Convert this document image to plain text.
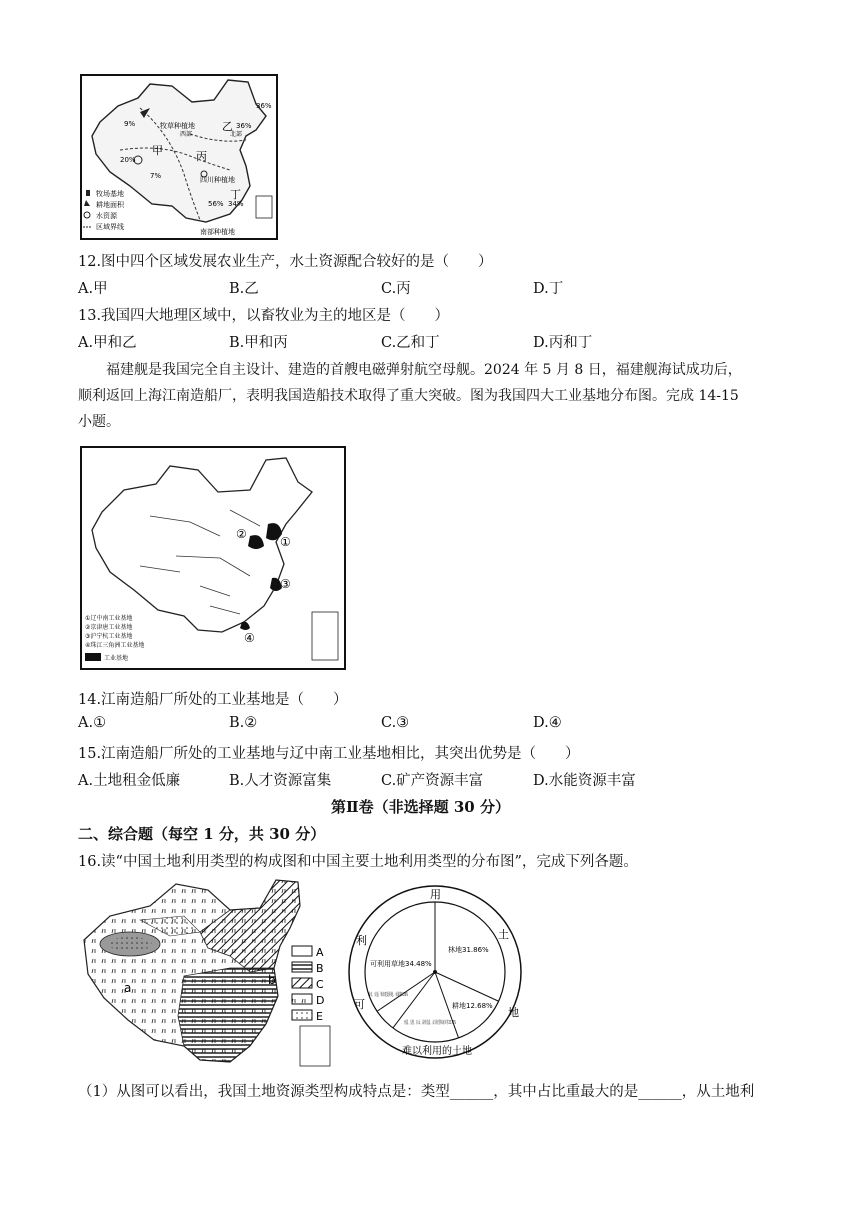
甲
乙
丙
丁
9%
20%
7%
36%
56% 34%
36%
牧草种植地
四川种植地
南部种植地
北部
西部
牧场基地
耕地面积
水资源
区域界线
12.图中四个区域发展农业生产，水土资源配合较好的是（　　）
A.甲	B.乙	C.丙	D.丁
13.我国四大地理区域中，以畜牧业为主的地区是（　　）
A.甲和乙	B.甲和丙	C.乙和丁	D.丙和丁
福建舰是我国完全自主设计、建造的首艘电磁弹射航空母舰。2024 年 5 月 8 日，福建舰海试成功后，
顺利返回上海江南造船厂，表明我国造船技术取得了重大突破。图为我国四大工业基地分布图。完成 14-15
小题。
①
②
③
④
①辽中南工业基地
②京津唐工业基地
③沪宁杭工业基地
④珠江三角洲工业基地
工业基地
14.江南造船厂所处的工业基地是（　　）
A.①	B.②	C.③	D.④
15.江南造船厂所处的工业基地与辽中南工业基地相比，其突出优势是（　　）
A.土地租金低廉	B.人才资源富集	C.矿产资源丰富	D.水能资源丰富
第Ⅱ卷（非选择题 30 分）
二、综合题（每空 1 分，共 30 分）
16.读“中国土地利用类型的构成图和中国主要土地利用类型的分布图”，完成下列各题。
a
b
A
B
C
D
E
用
土
地
难以利用的土地
可
利
林地31.86%
耕地12.68%
可利用草地34.48%
（1）从图可以看出，我国土地资源类型构成特点是：类型______，其中占比重最大的是______，从土地利
